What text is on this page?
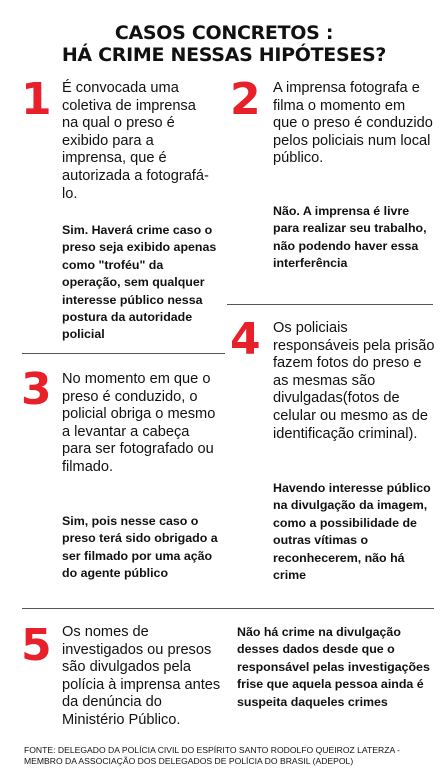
CASOS CONCRETOS :
HÁ CRIME NESSAS HIPÓTESES?
1 É convocada uma coletiva de imprensa na qual o preso é exibido para a imprensa, que é autorizada a fotografá-lo.
Sim. Haverá crime caso o preso seja exibido apenas como "troféu" da operação, sem qualquer interesse público nessa postura da autoridade policial
2 A imprensa fotografa e filma o momento em que o preso é conduzido pelos policiais num local público.
Não. A imprensa é livre para realizar seu trabalho, não podendo haver essa interferência
3 No momento em que o preso é conduzido, o policial obriga o mesmo a levantar a cabeça para ser fotografado ou filmado.
Sim, pois nesse caso o preso terá sido obrigado a ser filmado por uma ação do agente público
4 Os policiais responsáveis pela prisão fazem fotos do preso e as mesmas são divulgadas(fotos de celular ou mesmo as de identificação criminal).
Havendo interesse público na divulgação da imagem, como a possibilidade de outras vítimas o reconhecerem, não há crime
5 Os nomes de investigados ou presos são divulgados pela polícia à imprensa antes da denúncia do Ministério Público.
Não há crime na divulgação desses dados desde que o responsável pelas investigações frise que aquela pessoa ainda é suspeita daqueles crimes
FONTE: DELEGADO DA POLÍCIA CIVIL DO ESPÍRITO SANTO RODOLFO QUEIROZ LATERZA - MEMBRO DA ASSOCIAÇÃO DOS DELEGADOS DE POLÍCIA DO BRASIL (ADEPOL)
